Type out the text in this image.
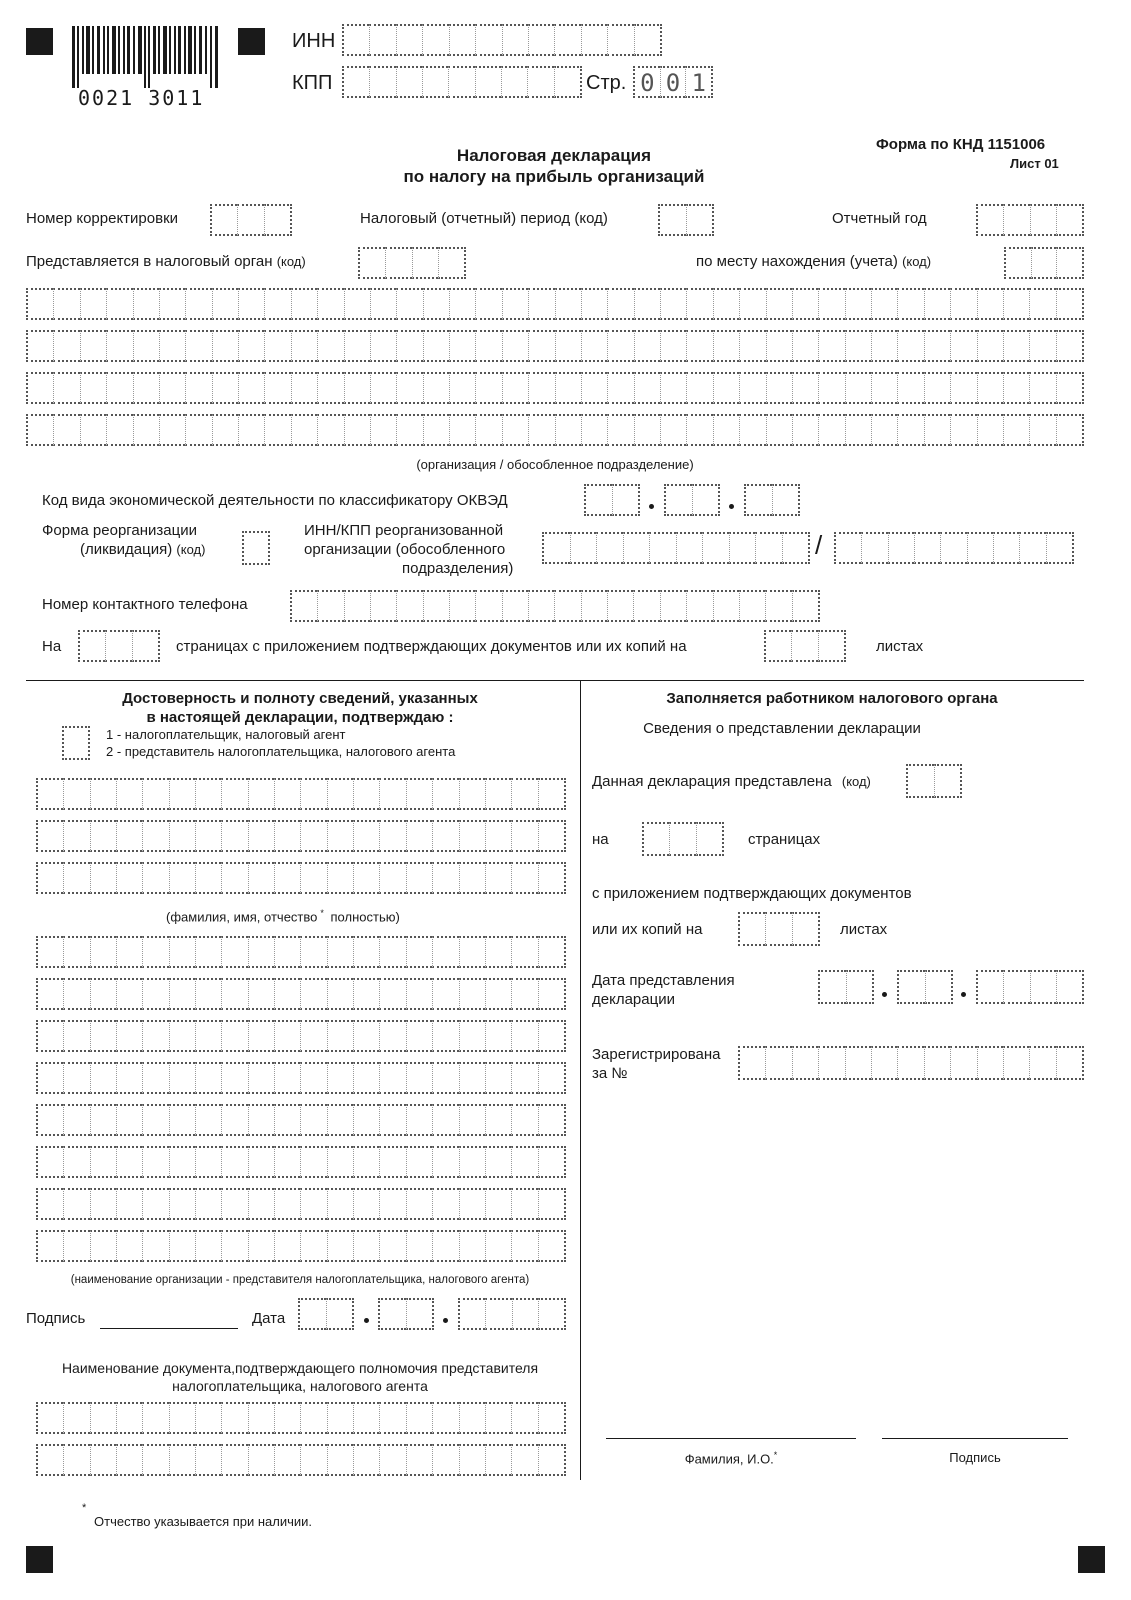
0021 3011
ИНН
КПП	Стр. 0 0 1
Форма по КНД 1151006
Лист 01
Налоговая декларация
по налогу на прибыль организаций
Номер корректировки	Налоговый (отчетный) период (код)	Отчетный год
Представляется в налоговый орган (код)	по месту нахождения (учета) (код)
(организация / обособленное подразделение)
Код вида экономической деятельности по классификатору ОКВЭД
Форма реорганизации
(ликвидация) (код)
ИНН/КПП реорганизованной
организации (обособленного
подразделения)
/
Номер контактного телефона
На	страницах с приложением подтверждающих документов или их копий на	листах
Достоверность и полноту сведений, указанных
в настоящей декларации, подтверждаю :
1 - налогоплательщик, налоговый агент
2 - представитель налогоплательщика, налогового агента
(фамилия, имя, отчество * полностью)
(наименование организации - представителя налогоплательщика, налогового агента)
Подпись	Дата
Наименование документа,подтверждающего полномочия представителя
налогоплательщика, налогового агента
Заполняется работником налогового органа
Сведения о представлении декларации
Данная декларация представлена (код)
на	страницах
с приложением подтверждающих документов
или их копий на	листах
Дата представления
декларации
Зарегистрирована
за №
Фамилия, И.О.*	Подпись
*
Отчество указывается при наличии.
